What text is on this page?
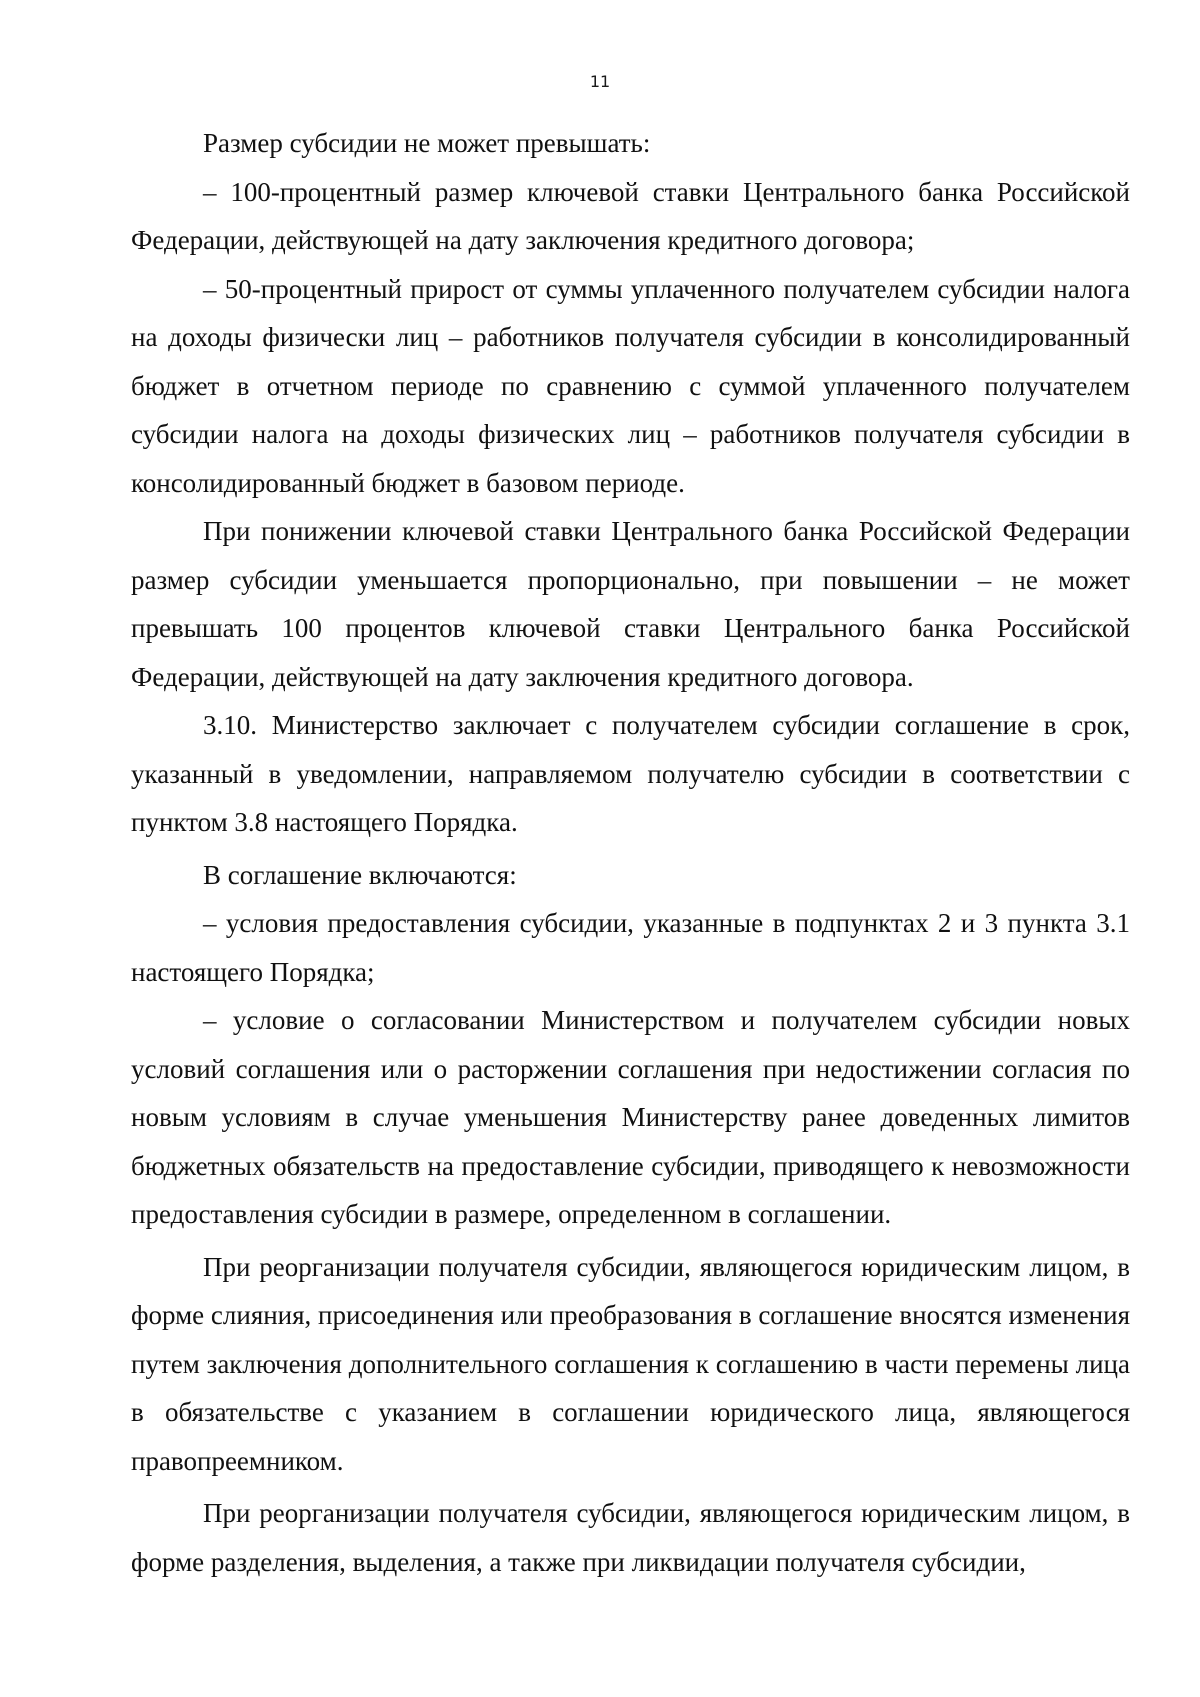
11

Размер субсидии не может превышать:

– 100-процентный размер ключевой ставки Центрального банка Российской Федерации, действующей на дату заключения кредитного договора;

– 50-процентный прирост от суммы уплаченного получателем субсидии налога на доходы физически лиц – работников получателя субсидии в консолидированный бюджет в отчетном периоде по сравнению с суммой уплаченного получателем субсидии налога на доходы физических лиц – работников получателя субсидии в консолидированный бюджет в базовом периоде.

При понижении ключевой ставки Центрального банка Российской Федерации размер субсидии уменьшается пропорционально, при повышении – не может превышать 100 процентов ключевой ставки Центрального банка Российской Федерации, действующей на дату заключения кредитного договора.

3.10. Министерство заключает с получателем субсидии соглашение в срок, указанный в уведомлении, направляемом получателю субсидии в соответствии с пунктом 3.8 настоящего Порядка.

В соглашение включаются:

– условия предоставления субсидии, указанные в подпунктах 2 и 3 пункта 3.1 настоящего Порядка;

– условие о согласовании Министерством и получателем субсидии новых условий соглашения или о расторжении соглашения при недостижении согласия по новым условиям в случае уменьшения Министерству ранее доведенных лимитов бюджетных обязательств на предоставление субсидии, приводящего к невозможности предоставления субсидии в размере, определенном в соглашении.

При реорганизации получателя субсидии, являющегося юридическим лицом, в форме слияния, присоединения или преобразования в соглашение вносятся изменения путем заключения дополнительного соглашения к соглашению в части перемены лица в обязательстве с указанием в соглашении юридического лица, являющегося правопреемником.

При реорганизации получателя субсидии, являющегося юридическим лицом, в форме разделения, выделения, а также при ликвидации получателя субсидии,
